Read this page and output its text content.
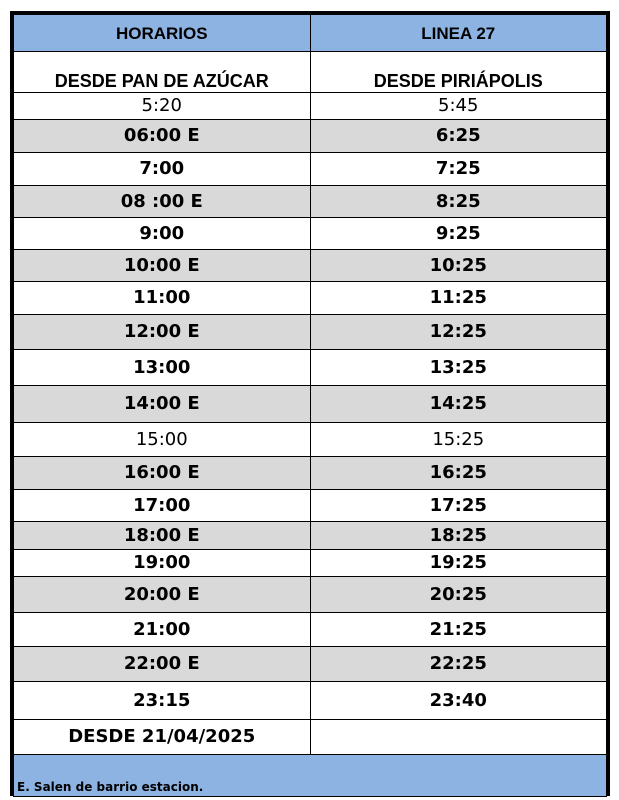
HORARIOS	LINEA 27
DESDE PAN DE AZÚCAR	DESDE PIRIÁPOLIS
5:20	5:45
06:00 E	6:25
7:00	7:25
08 :00 E	8:25
9:00	9:25
10:00 E	10:25
11:00	11:25
12:00 E	12:25
13:00	13:25
14:00 E	14:25
15:00	15:25
16:00 E	16:25
17:00	17:25
18:00 E	18:25
19:00	19:25
20:00 E	20:25
21:00	21:25
22:00 E	22:25
23:15	23:40
DESDE 21/04/2025	
E. Salen de barrio estacion.	
